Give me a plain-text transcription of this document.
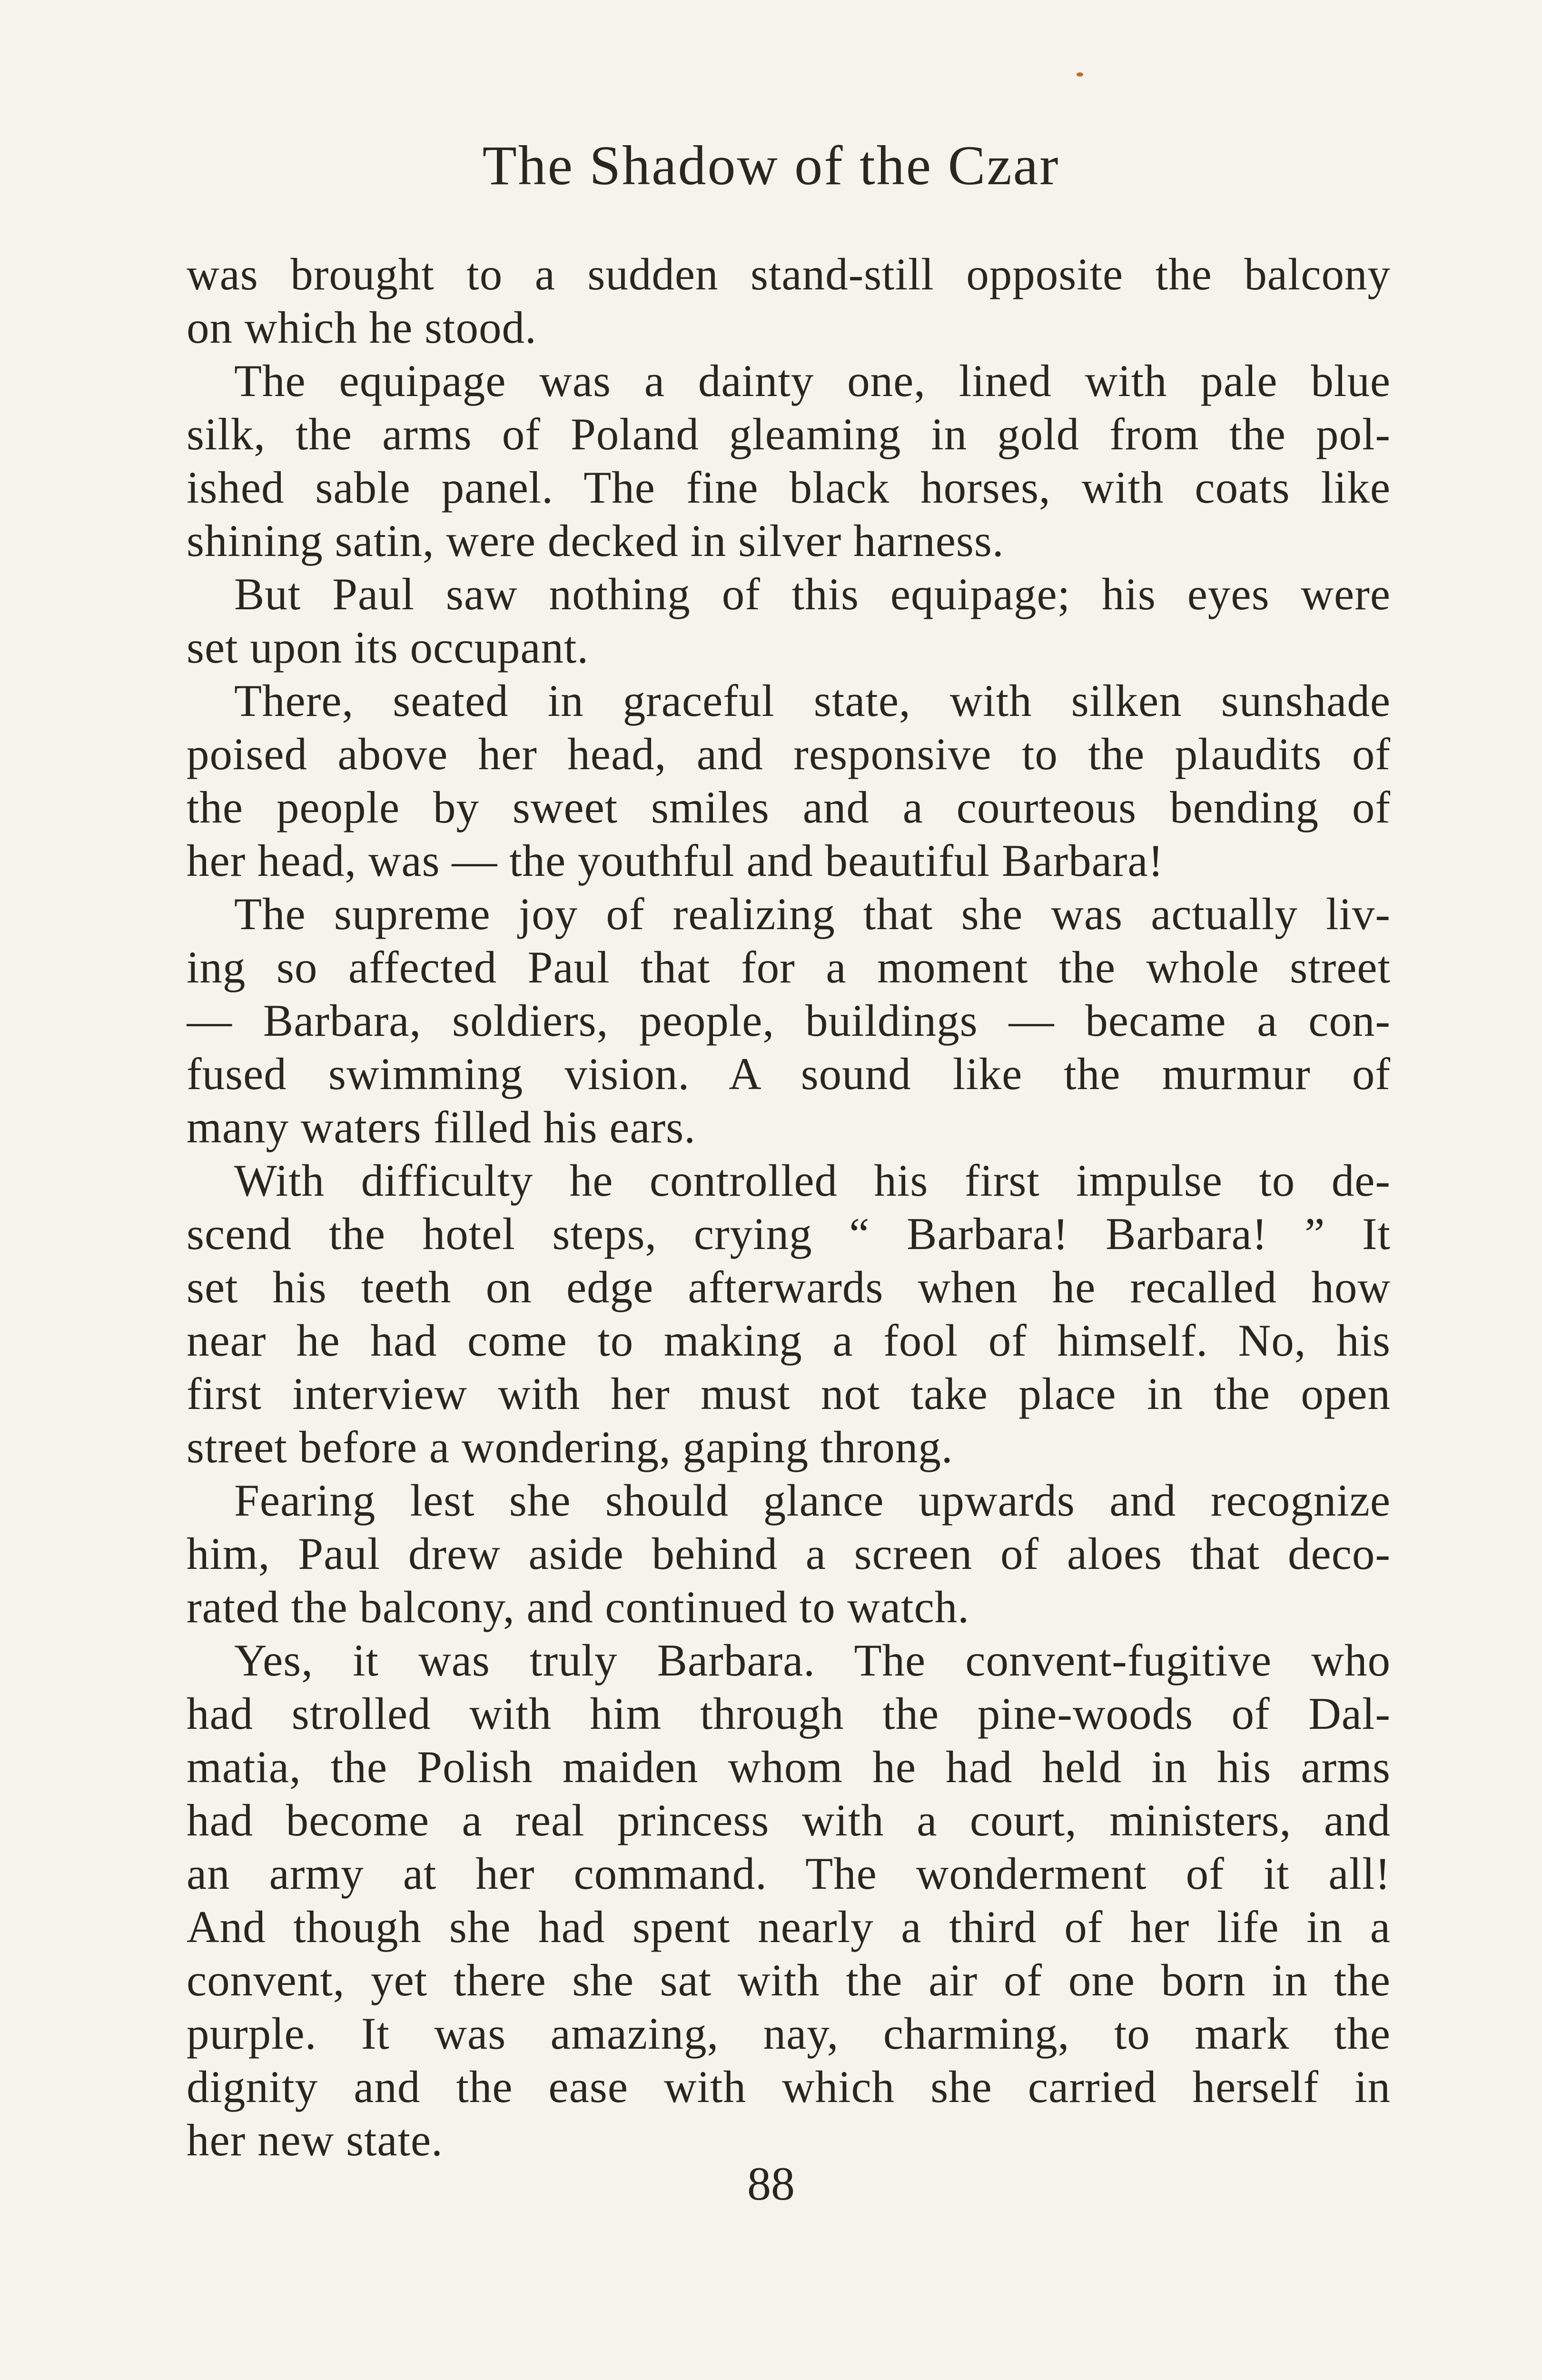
The Shadow of the Czar
was brought to a sudden stand-still opposite the balcony
on which he stood.
The equipage was a dainty one, lined with pale blue
silk, the arms of Poland gleaming in gold from the pol-
ished sable panel. The fine black horses, with coats like
shining satin, were decked in silver harness.
But Paul saw nothing of this equipage; his eyes were
set upon its occupant.
There, seated in graceful state, with silken sunshade
poised above her head, and responsive to the plaudits of
the people by sweet smiles and a courteous bending of
her head, was — the youthful and beautiful Barbara!
The supreme joy of realizing that she was actually liv-
ing so affected Paul that for a moment the whole street
— Barbara, soldiers, people, buildings — became a con-
fused swimming vision. A sound like the murmur of
many waters filled his ears.
With difficulty he controlled his first impulse to de-
scend the hotel steps, crying “ Barbara! Barbara! ” It
set his teeth on edge afterwards when he recalled how
near he had come to making a fool of himself. No, his
first interview with her must not take place in the open
street before a wondering, gaping throng.
Fearing lest she should glance upwards and recognize
him, Paul drew aside behind a screen of aloes that deco-
rated the balcony, and continued to watch.
Yes, it was truly Barbara. The convent-fugitive who
had strolled with him through the pine-woods of Dal-
matia, the Polish maiden whom he had held in his arms
had become a real princess with a court, ministers, and
an army at her command. The wonderment of it all!
And though she had spent nearly a third of her life in a
convent, yet there she sat with the air of one born in the
purple. It was amazing, nay, charming, to mark the
dignity and the ease with which she carried herself in
her new state.
88
